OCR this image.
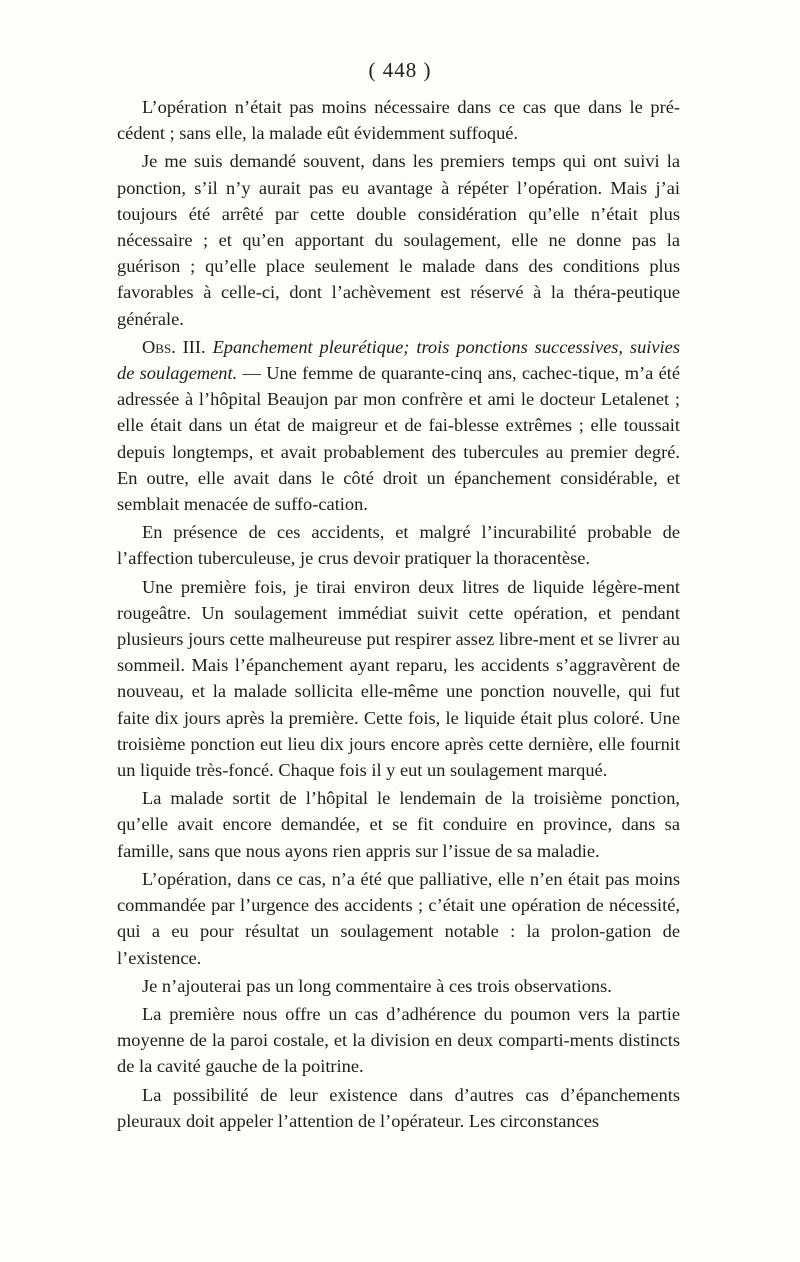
( 448 )

L’opération n’était pas moins nécessaire dans ce cas que dans le pré-cédent ; sans elle, la malade eût évidemment suffoqué.

Je me suis demandé souvent, dans les premiers temps qui ont suivi la ponction, s’il n’y aurait pas eu avantage à répéter l’opération. Mais j’ai toujours été arrêté par cette double considération qu’elle n’était plus nécessaire ; et qu’en apportant du soulagement, elle ne donne pas la guérison ; qu’elle place seulement le malade dans des conditions plus favorables à celle-ci, dont l’achèvement est réservé à la théra-peutique générale.

Obs. III. Epanchement pleurétique; trois ponctions successives, suivies de soulagement. — Une femme de quarante-cinq ans, cachec-tique, m’a été adressée à l’hôpital Beaujon par mon confrère et ami le docteur Letalenet ; elle était dans un état de maigreur et de fai-blesse extrêmes ; elle toussait depuis longtemps, et avait probablement des tubercules au premier degré. En outre, elle avait dans le côté droit un épanchement considérable, et semblait menacée de suffo-cation.

En présence de ces accidents, et malgré l’incurabilité probable de l’affection tuberculeuse, je crus devoir pratiquer la thoracentèse.

Une première fois, je tirai environ deux litres de liquide légère-ment rougeâtre. Un soulagement immédiat suivit cette opération, et pendant plusieurs jours cette malheureuse put respirer assez libre-ment et se livrer au sommeil. Mais l’épanchement ayant reparu, les accidents s’aggravèrent de nouveau, et la malade sollicita elle-même une ponction nouvelle, qui fut faite dix jours après la première. Cette fois, le liquide était plus coloré. Une troisième ponction eut lieu dix jours encore après cette dernière, elle fournit un liquide très-foncé. Chaque fois il y eut un soulagement marqué.

La malade sortit de l’hôpital le lendemain de la troisième ponction, qu’elle avait encore demandée, et se fit conduire en province, dans sa famille, sans que nous ayons rien appris sur l’issue de sa maladie.

L’opération, dans ce cas, n’a été que palliative, elle n’en était pas moins commandée par l’urgence des accidents ; c’était une opération de nécessité, qui a eu pour résultat un soulagement notable : la prolon-gation de l’existence.

Je n’ajouterai pas un long commentaire à ces trois observations.

La première nous offre un cas d’adhérence du poumon vers la partie moyenne de la paroi costale, et la division en deux comparti-ments distincts de la cavité gauche de la poitrine.

La possibilité de leur existence dans d’autres cas d’épanchements pleuraux doit appeler l’attention de l’opérateur. Les circonstances
